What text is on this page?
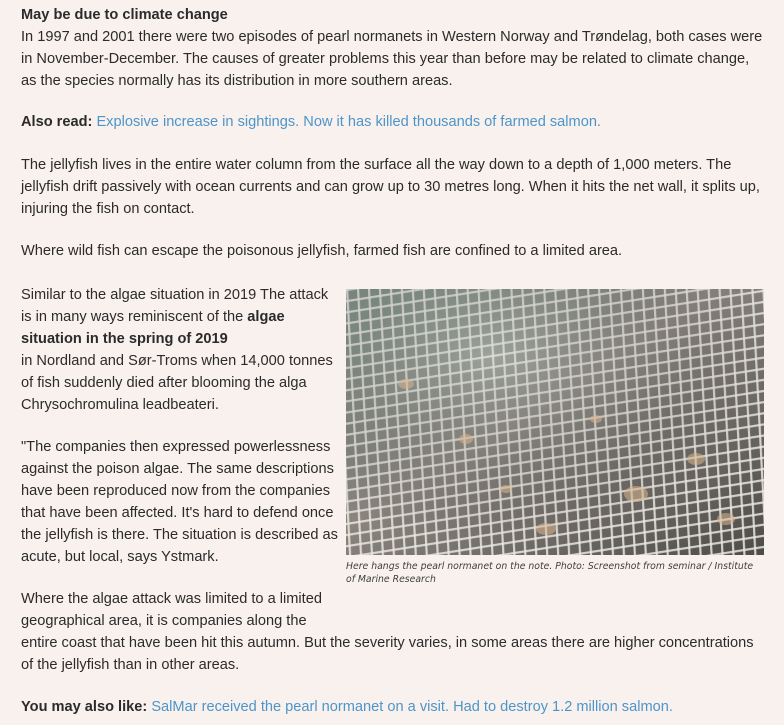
May be due to climate change
In 1997 and 2001 there were two episodes of pearl normanets in Western Norway and Trøndelag, both cases were in November-December. The causes of greater problems this year than before may be related to climate change, as the species normally has its distribution in more southern areas.

Also read: Explosive increase in sightings. Now it has killed thousands of farmed salmon.

The jellyfish lives in the entire water column from the surface all the way down to a depth of 1,000 meters. The jellyfish drift passively with ocean currents and can grow up to 30 metres long. When it hits the net wall, it splits up, injuring the fish on contact.

Where wild fish can escape the poisonous jellyfish, farmed fish are confined to a limited area.

Similar to the algae situation in 2019 The attack is in many ways reminiscent of the algae situation in the spring of 2019
in Nordland and Sør-Troms when 14,000 tonnes of fish suddenly died after blooming the alga Chrysochromulina leadbeateri.

"The companies then expressed powerlessness against the poison algae. The same descriptions have been reproduced now from the companies that have been affected. It's hard to defend once the jellyfish is there. The situation is described as acute, but local, says Ystmark.

Where the algae attack was limited to a limited
geographical area, it is companies along the
entire coast that have been hit this autumn. But the severity varies, in some areas there are higher concentrations of the jellyfish than in other areas.

You may also like: SalMar received the pearl normanet on a visit. Had to destroy 1.2 million salmon.

Here hangs the pearl normanet on the note. Photo: Screenshot from seminar / Institute of Marine Research
